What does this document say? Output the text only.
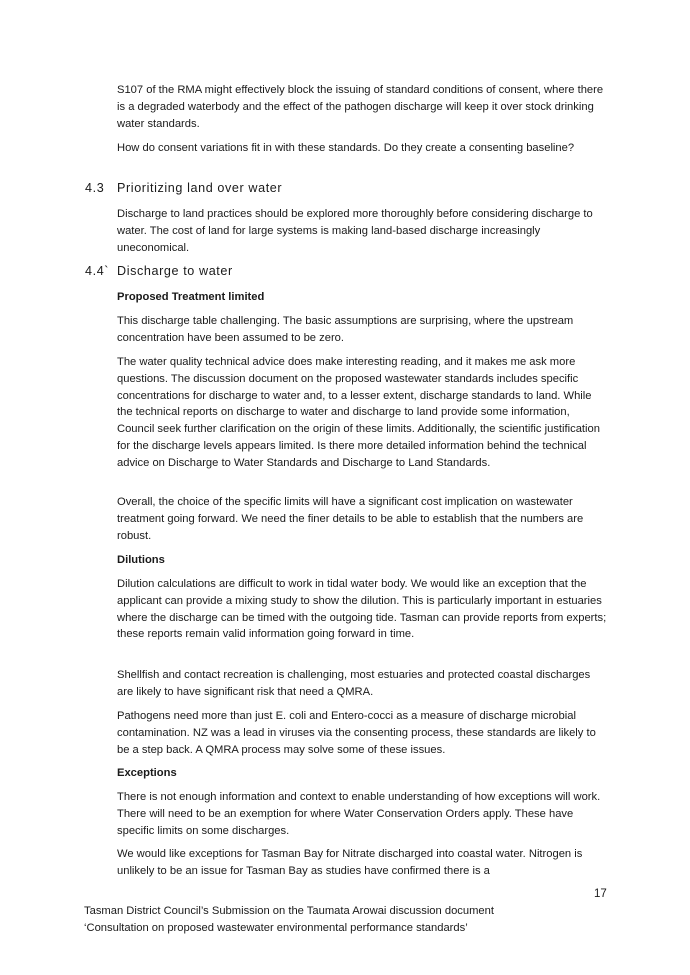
S107 of the RMA might effectively block the issuing of standard conditions of consent, where there is a degraded waterbody and the effect of the pathogen discharge will keep it over stock drinking water standards.

How do consent variations fit in with these standards. Do they create a consenting baseline?

4.3 Prioritizing land over water

Discharge to land practices should be explored more thoroughly before considering discharge to water. The cost of land for large systems is making land-based discharge increasingly uneconomical.

4.4` Discharge to water

Proposed Treatment limited

This discharge table challenging. The basic assumptions are surprising, where the upstream concentration have been assumed to be zero.

The water quality technical advice does make interesting reading, and it makes me ask more questions. The discussion document on the proposed wastewater standards includes specific concentrations for discharge to water and, to a lesser extent, discharge standards to land. While the technical reports on discharge to water and discharge to land provide some information, Council seek further clarification on the origin of these limits. Additionally, the scientific justification for the discharge levels appears limited. Is there more detailed information behind the technical advice on Discharge to Water Standards and Discharge to Land Standards.

Overall, the choice of the specific limits will have a significant cost implication on wastewater treatment going forward. We need the finer details to be able to establish that the numbers are robust.

Dilutions

Dilution calculations are difficult to work in tidal water body. We would like an exception that the applicant can provide a mixing study to show the dilution. This is particularly important in estuaries where the discharge can be timed with the outgoing tide. Tasman can provide reports from experts; these reports remain valid information going forward in time.

Shellfish and contact recreation is challenging, most estuaries and protected coastal discharges are likely to have significant risk that need a QMRA.

Pathogens need more than just E. coli and Entero-cocci as a measure of discharge microbial contamination. NZ was a lead in viruses via the consenting process, these standards are likely to be a step back. A QMRA process may solve some of these issues.

Exceptions

There is not enough information and context to enable understanding of how exceptions will work. There will need to be an exemption for where Water Conservation Orders apply. These have specific limits on some discharges.

We would like exceptions for Tasman Bay for Nitrate discharged into coastal water. Nitrogen is unlikely to be an issue for Tasman Bay as studies have confirmed there is a

17
Tasman District Council’s Submission on the Taumata Arowai discussion document
‘Consultation on proposed wastewater environmental performance standards’
